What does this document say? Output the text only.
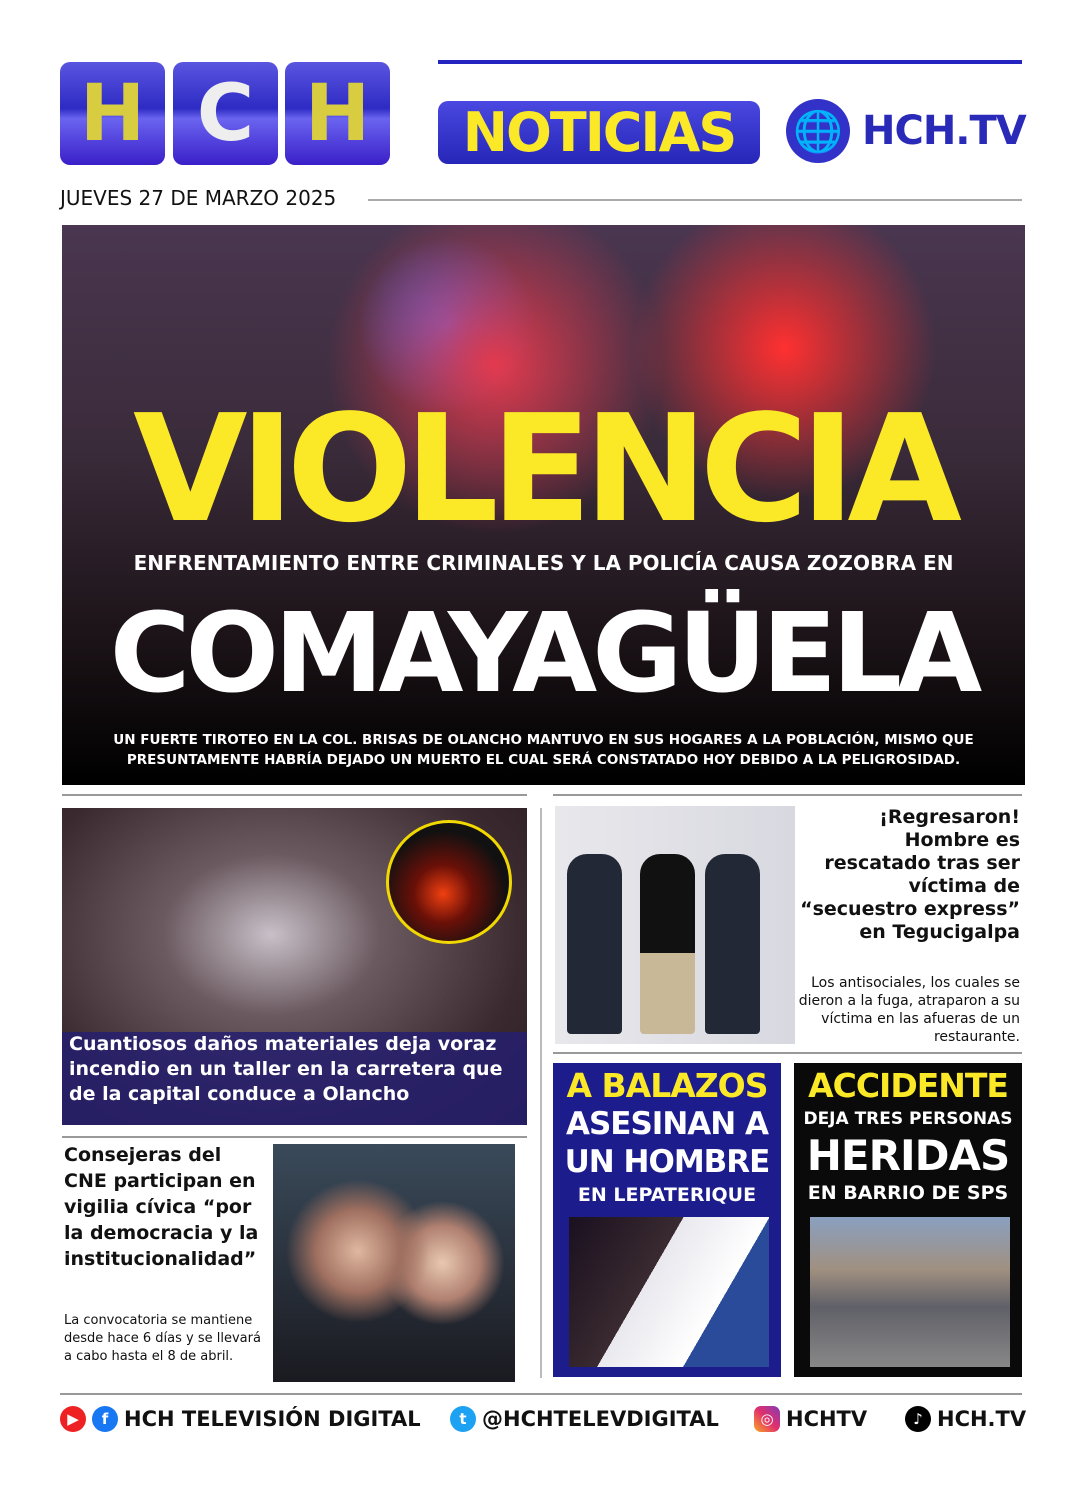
H C H	NOTICIAS	🌐 HCH.TV
JUEVES 27 DE MARZO 2025
VIOLENCIA
ENFRENTAMIENTO ENTRE CRIMINALES Y LA POLICÍA CAUSA ZOZOBRA EN
COMAYAGÜELA
UN FUERTE TIROTEO EN LA COL. BRISAS DE OLANCHO MANTUVO EN SUS HOGARES A LA POBLACIÓN, MISMO QUE PRESUNTAMENTE HABRÍA DEJADO UN MUERTO EL CUAL SERÁ CONSTATADO HOY DEBIDO A LA PELIGROSIDAD.
Cuantiosos daños materiales deja voraz incendio en un taller en la carretera que de la capital conduce a Olancho
Consejeras del CNE participan en vigilia cívica “por la democracia y la institucionalidad”
La convocatoria se mantiene desde hace 6 días y se llevará a cabo hasta el 8 de abril.
¡Regresaron! Hombre es rescatado tras ser víctima de “secuestro express” en Tegucigalpa
Los antisociales, los cuales se dieron a la fuga, atraparon a su víctima en las afueras de un restaurante.
A BALAZOS
ASESINAN A
UN HOMBRE
EN LEPATERIQUE
ACCIDENTE
DEJA TRES PERSONAS
HERIDAS
EN BARRIO DE SPS
▶	f HCH TELEVISIÓN DIGITAL	t @HCHTELEVDIGITAL	◎ HCHTV	♪ HCH.TV
